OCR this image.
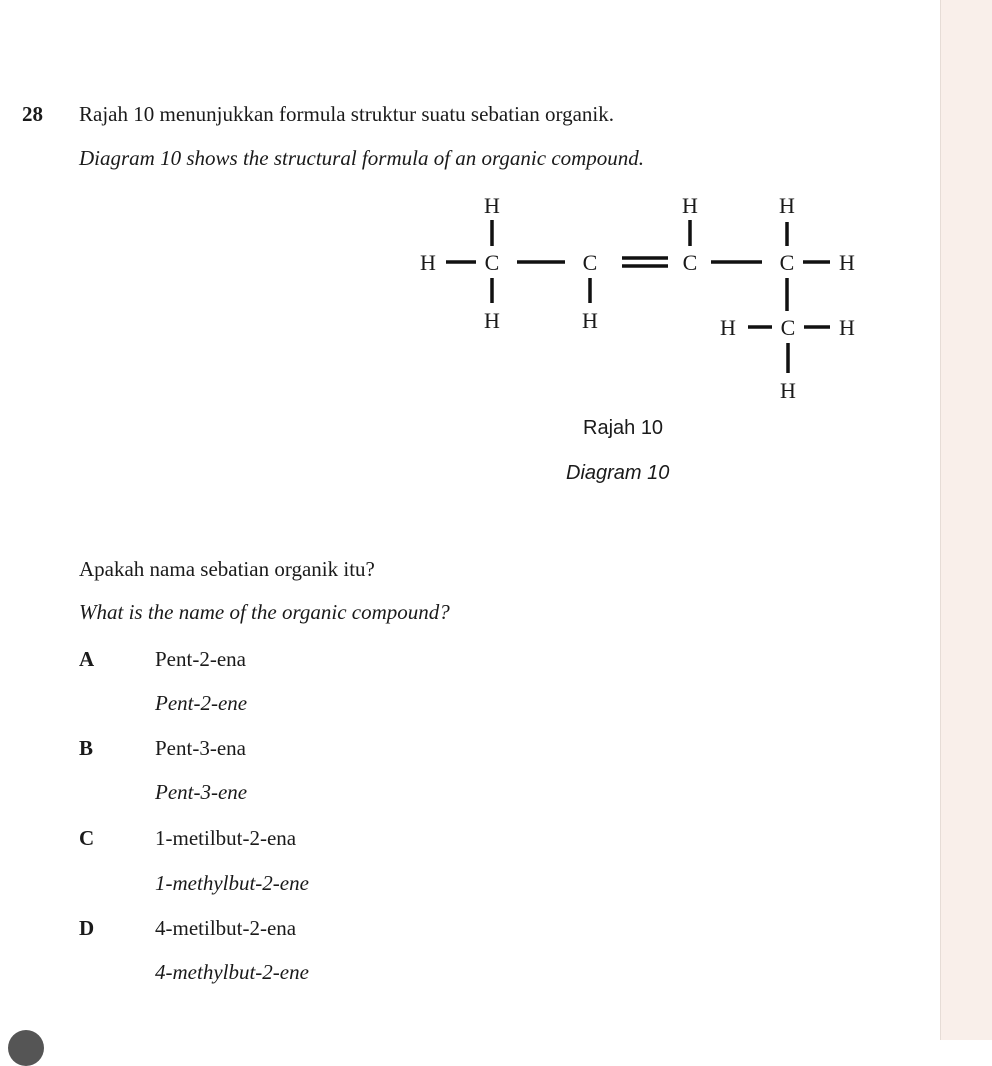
28 Rajah 10 menunjukkan formula struktur suatu sebatian organik.
Diagram 10 shows the structural formula of an organic compound.
H
H
C
H
C
H
H
C
H
C H
H C H
H
Rajah 10
Diagram 10
Apakah nama sebatian organik itu?
What is the name of the organic compound?
A	Pent-2-ena
Pent-2-ene
B	Pent-3-ena
Pent-3-ene
C	1-metilbut-2-ena
1-methylbut-2-ene
D	4-metilbut-2-ena
4-methylbut-2-ene
